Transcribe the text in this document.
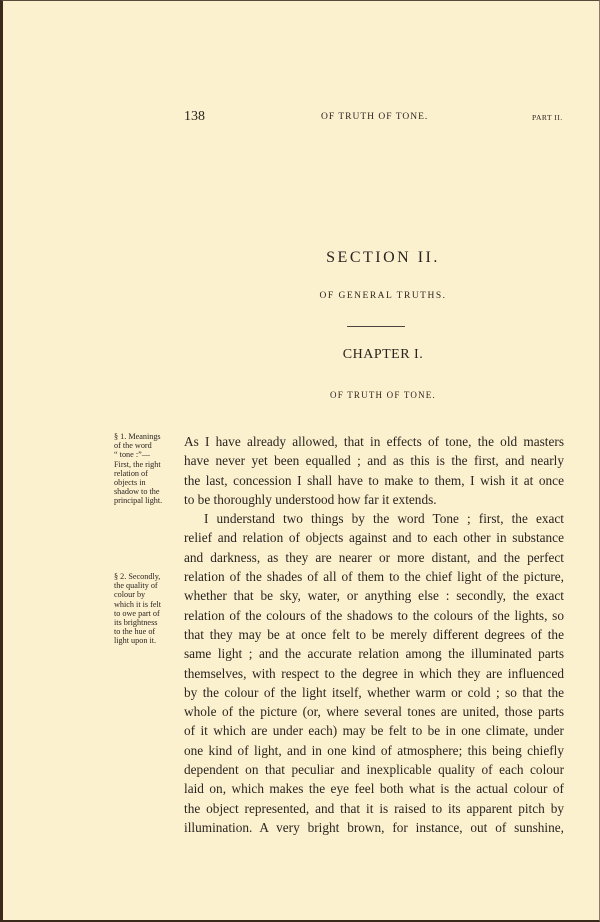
138	OF TRUTH OF TONE.	PART II.
SECTION II.
OF GENERAL TRUTHS.
CHAPTER I.
OF TRUTH OF TONE.
§ 1. Meanings
of the word
“ tone :”—
First, the right
relation of
objects in
shadow to the
principal light.
§ 2. Secondly,
the quality of
colour by
which it is felt
to owe part of
its brightness
to the hue of
light upon it.
As I have already allowed, that in effects of tone, the old masters
have never yet been equalled ; and as this is the first, and nearly
the last, concession I shall have to make to them, I wish it at once
to be thoroughly understood how far it extends.
I understand two things by the word Tone ; first, the exact
relief and relation of objects against and to each other in substance
and darkness, as they are nearer or more distant, and the perfect
relation of the shades of all of them to the chief light of the picture,
whether that be sky, water, or anything else : secondly, the exact
relation of the colours of the shadows to the colours of the lights, so
that they may be at once felt to be merely different degrees of the
same light ; and the accurate relation among the illuminated parts
themselves, with respect to the degree in which they are influenced
by the colour of the light itself, whether warm or cold ; so that the
whole of the picture (or, where several tones are united, those parts
of it which are under each) may be felt to be in one climate, under
one kind of light, and in one kind of atmosphere; this being chiefly
dependent on that peculiar and inexplicable quality of each colour
laid on, which makes the eye feel both what is the actual colour of
the object represented, and that it is raised to its apparent pitch by
illumination. A very bright brown, for instance, out of sunshine,
